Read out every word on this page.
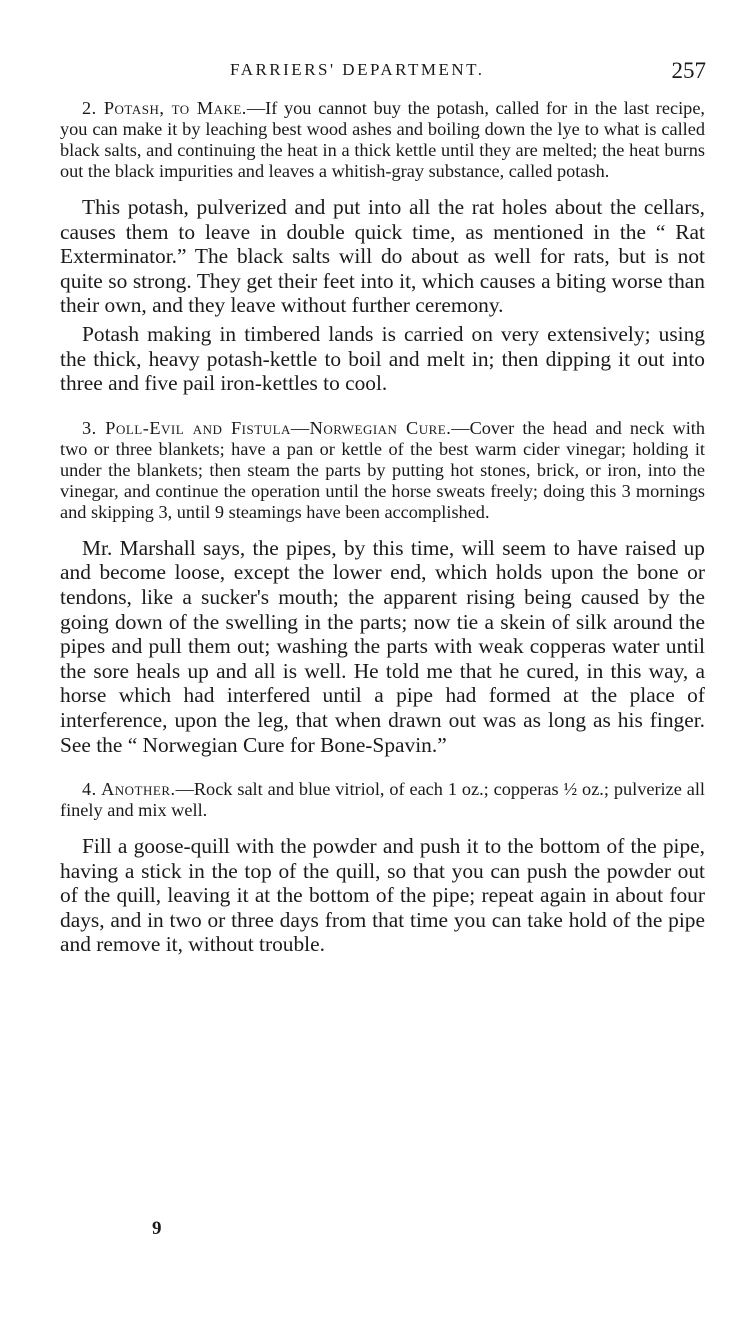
FARRIERS' DEPARTMENT.	257

2. Potash, to Make.—If you cannot buy the potash, called for in the last recipe, you can make it by leaching best wood ashes and boiling down the lye to what is called black salts, and continuing the heat in a thick kettle until they are melted; the heat burns out the black impurities and leaves a whitish-gray substance, called potash.

This potash, pulverized and put into all the rat holes about the cellars, causes them to leave in double quick time, as mentioned in the “ Rat Exterminator.” The black salts will do about as well for rats, but is not quite so strong. They get their feet into it, which causes a biting worse than their own, and they leave without further ceremony.

Potash making in timbered lands is carried on very extensively; using the thick, heavy potash-kettle to boil and melt in; then dipping it out into three and five pail iron-kettles to cool.

3. Poll-Evil and Fistula—Norwegian Cure.—Cover the head and neck with two or three blankets; have a pan or kettle of the best warm cider vinegar; holding it under the blankets; then steam the parts by putting hot stones, brick, or iron, into the vinegar, and continue the operation until the horse sweats freely; doing this 3 mornings and skipping 3, until 9 steamings have been accomplished.

Mr. Marshall says, the pipes, by this time, will seem to have raised up and become loose, except the lower end, which holds upon the bone or tendons, like a sucker's mouth; the apparent rising being caused by the going down of the swelling in the parts; now tie a skein of silk around the pipes and pull them out; washing the parts with weak copperas water until the sore heals up and all is well. He told me that he cured, in this way, a horse which had interfered until a pipe had formed at the place of interference, upon the leg, that when drawn out was as long as his finger. See the “ Norwegian Cure for Bone-Spavin.”

4. Another.—Rock salt and blue vitriol, of each 1 oz.; copperas ½ oz.; pulverize all finely and mix well.

Fill a goose-quill with the powder and push it to the bottom of the pipe, having a stick in the top of the quill, so that you can push the powder out of the quill, leaving it at the bottom of the pipe; repeat again in about four days, and in two or three days from that time you can take hold of the pipe and remove it, without trouble.

9
